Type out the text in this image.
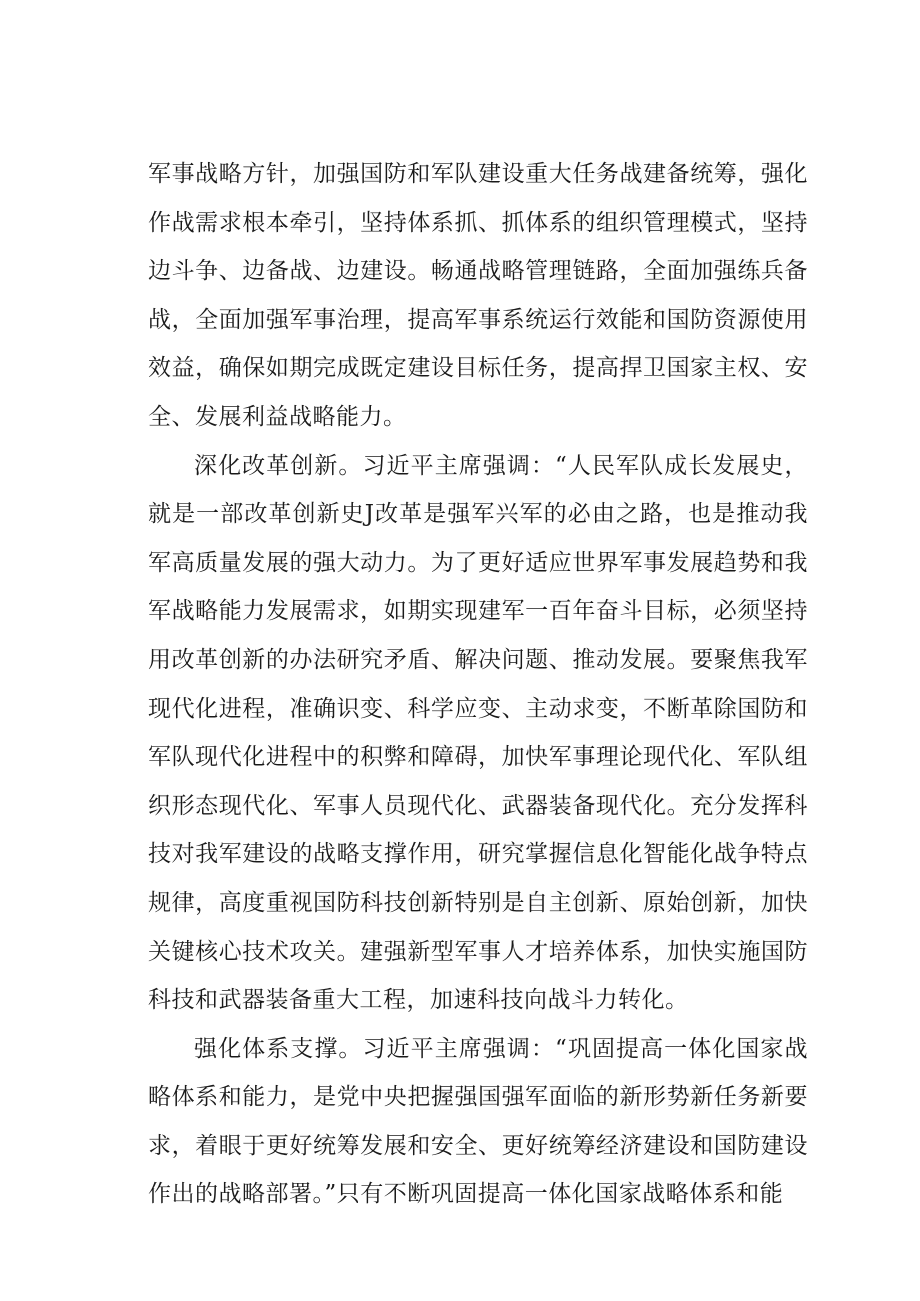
军事战略方针，加强国防和军队建设重大任务战建备统筹，强化作战需求根本牵引，坚持体系抓、抓体系的组织管理模式，坚持边斗争、边备战、边建设。畅通战略管理链路，全面加强练兵备战，全面加强军事治理，提高军事系统运行效能和国防资源使用效益，确保如期完成既定建设目标任务，提高捍卫国家主权、安全、发展利益战略能力。

深化改革创新。习近平主席强调：“人民军队成长发展史，就是一部改革创新史J改革是强军兴军的必由之路，也是推动我军高质量发展的强大动力。为了更好适应世界军事发展趋势和我军战略能力发展需求，如期实现建军一百年奋斗目标，必须坚持用改革创新的办法研究矛盾、解决问题、推动发展。要聚焦我军现代化进程，准确识变、科学应变、主动求变，不断革除国防和军队现代化进程中的积弊和障碍，加快军事理论现代化、军队组织形态现代化、军事人员现代化、武器装备现代化。充分发挥科技对我军建设的战略支撑作用，研究掌握信息化智能化战争特点规律，高度重视国防科技创新特别是自主创新、原始创新，加快关键核心技术攻关。建强新型军事人才培养体系，加快实施国防科技和武器装备重大工程，加速科技向战斗力转化。

强化体系支撑。习近平主席强调：“巩固提高一体化国家战略体系和能力，是党中央把握强国强军面临的新形势新任务新要求，着眼于更好统筹发展和安全、更好统筹经济建设和国防建设作出的战略部署。”只有不断巩固提高一体化国家战略体系和能
